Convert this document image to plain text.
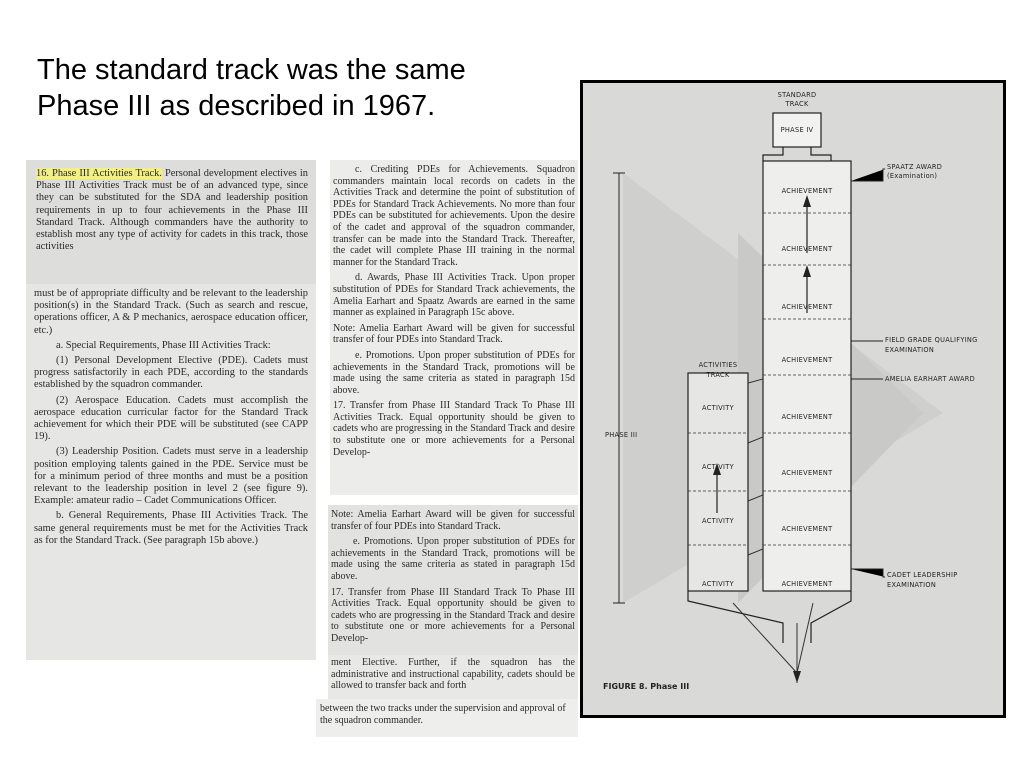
The standard track was the same
Phase III as described in 1967.

16. Phase III Activities Track. Personal development electives in Phase III Activities Track must be of an advanced type, since they can be substituted for the SDA and leadership position requirements in up to four achievements in the Phase III Standard Track. Although commanders have the authority to establish most any type of activity for cadets in this track, those activities

must be of appropriate difficulty and be relevant to the leadership position(s) in the Standard Track. (Such as search and rescue, operations officer, A & P mechanics, aerospace education officer, etc.)

a. Special Requirements, Phase III Activities Track:

(1) Personal Development Elective (PDE). Cadets must progress satisfactorily in each PDE, according to the standards established by the squadron commander.

(2) Aerospace Education. Cadets must accomplish the aerospace education curricular factor for the Standard Track achievement for which their PDE will be substituted (see CAPP 19).

(3) Leadership Position. Cadets must serve in a leadership position employing talents gained in the PDE. Service must be for a minimum period of three months and must be a position relevant to the leadership position in level 2 (see figure 9). Example: amateur radio – Cadet Communications Officer.

b. General Requirements, Phase III Activities Track. The same general requirements must be met for the Activities Track as for the Standard Track. (See paragraph 15b above.)

c. Crediting PDEs for Achievements. Squadron commanders maintain local records on cadets in the Activities Track and determine the point of substitution of PDEs for Standard Track Achievements. No more than four PDEs can be substituted for achievements. Upon the desire of the cadet and approval of the squadron commander, transfer can be made into the Standard Track. Thereafter, the cadet will complete Phase III training in the normal manner for the Standard Track.

d. Awards, Phase III Activities Track. Upon proper substitution of PDEs for Standard Track achievements, the Amelia Earhart and Spaatz Awards are earned in the same manner as explained in Paragraph 15c above.

Note: Amelia Earhart Award will be given for successful transfer of four PDEs into Standard Track.

e. Promotions. Upon proper substitution of PDEs for achievements in the Standard Track, promotions will be made using the same criteria as stated in paragraph 15d above.

17. Transfer from Phase III Standard Track To Phase III Activities Track. Equal opportunity should be given to cadets who are progressing in the Standard Track and desire to substitute one or more achievements for a Personal Develop-

Note: Amelia Earhart Award will be given for successful transfer of four PDEs into Standard Track.

e. Promotions. Upon proper substitution of PDEs for achievements in the Standard Track, promotions will be made using the same criteria as stated in paragraph 15d above.

17. Transfer from Phase III Standard Track To Phase III Activities Track. Equal opportunity should be given to cadets who are progressing in the Standard Track and desire to substitute one or more achievements for a Personal Develop-

ment Elective. Further, if the squadron has the administrative and instructional capability, cadets should be allowed to transfer back and forth

between the two tracks under the supervision and approval of the squadron commander.

STANDARD
TRACK
PHASE IV
ACHIEVEMENT
ACHIEVEMENT
ACHIEVEMENT
ACHIEVEMENT
ACHIEVEMENT
ACHIEVEMENT
ACHIEVEMENT
ACHIEVEMENT
ACTIVITIES
TRACK
ACTIVITY
ACTIVITY
ACTIVITY
ACTIVITY
PHASE III
SPAATZ AWARD
(Examination)
FIELD GRADE QUALIFYING
EXAMINATION
AMELIA EARHART AWARD
CADET LEADERSHIP
EXAMINATION
FIGURE 8. Phase III
